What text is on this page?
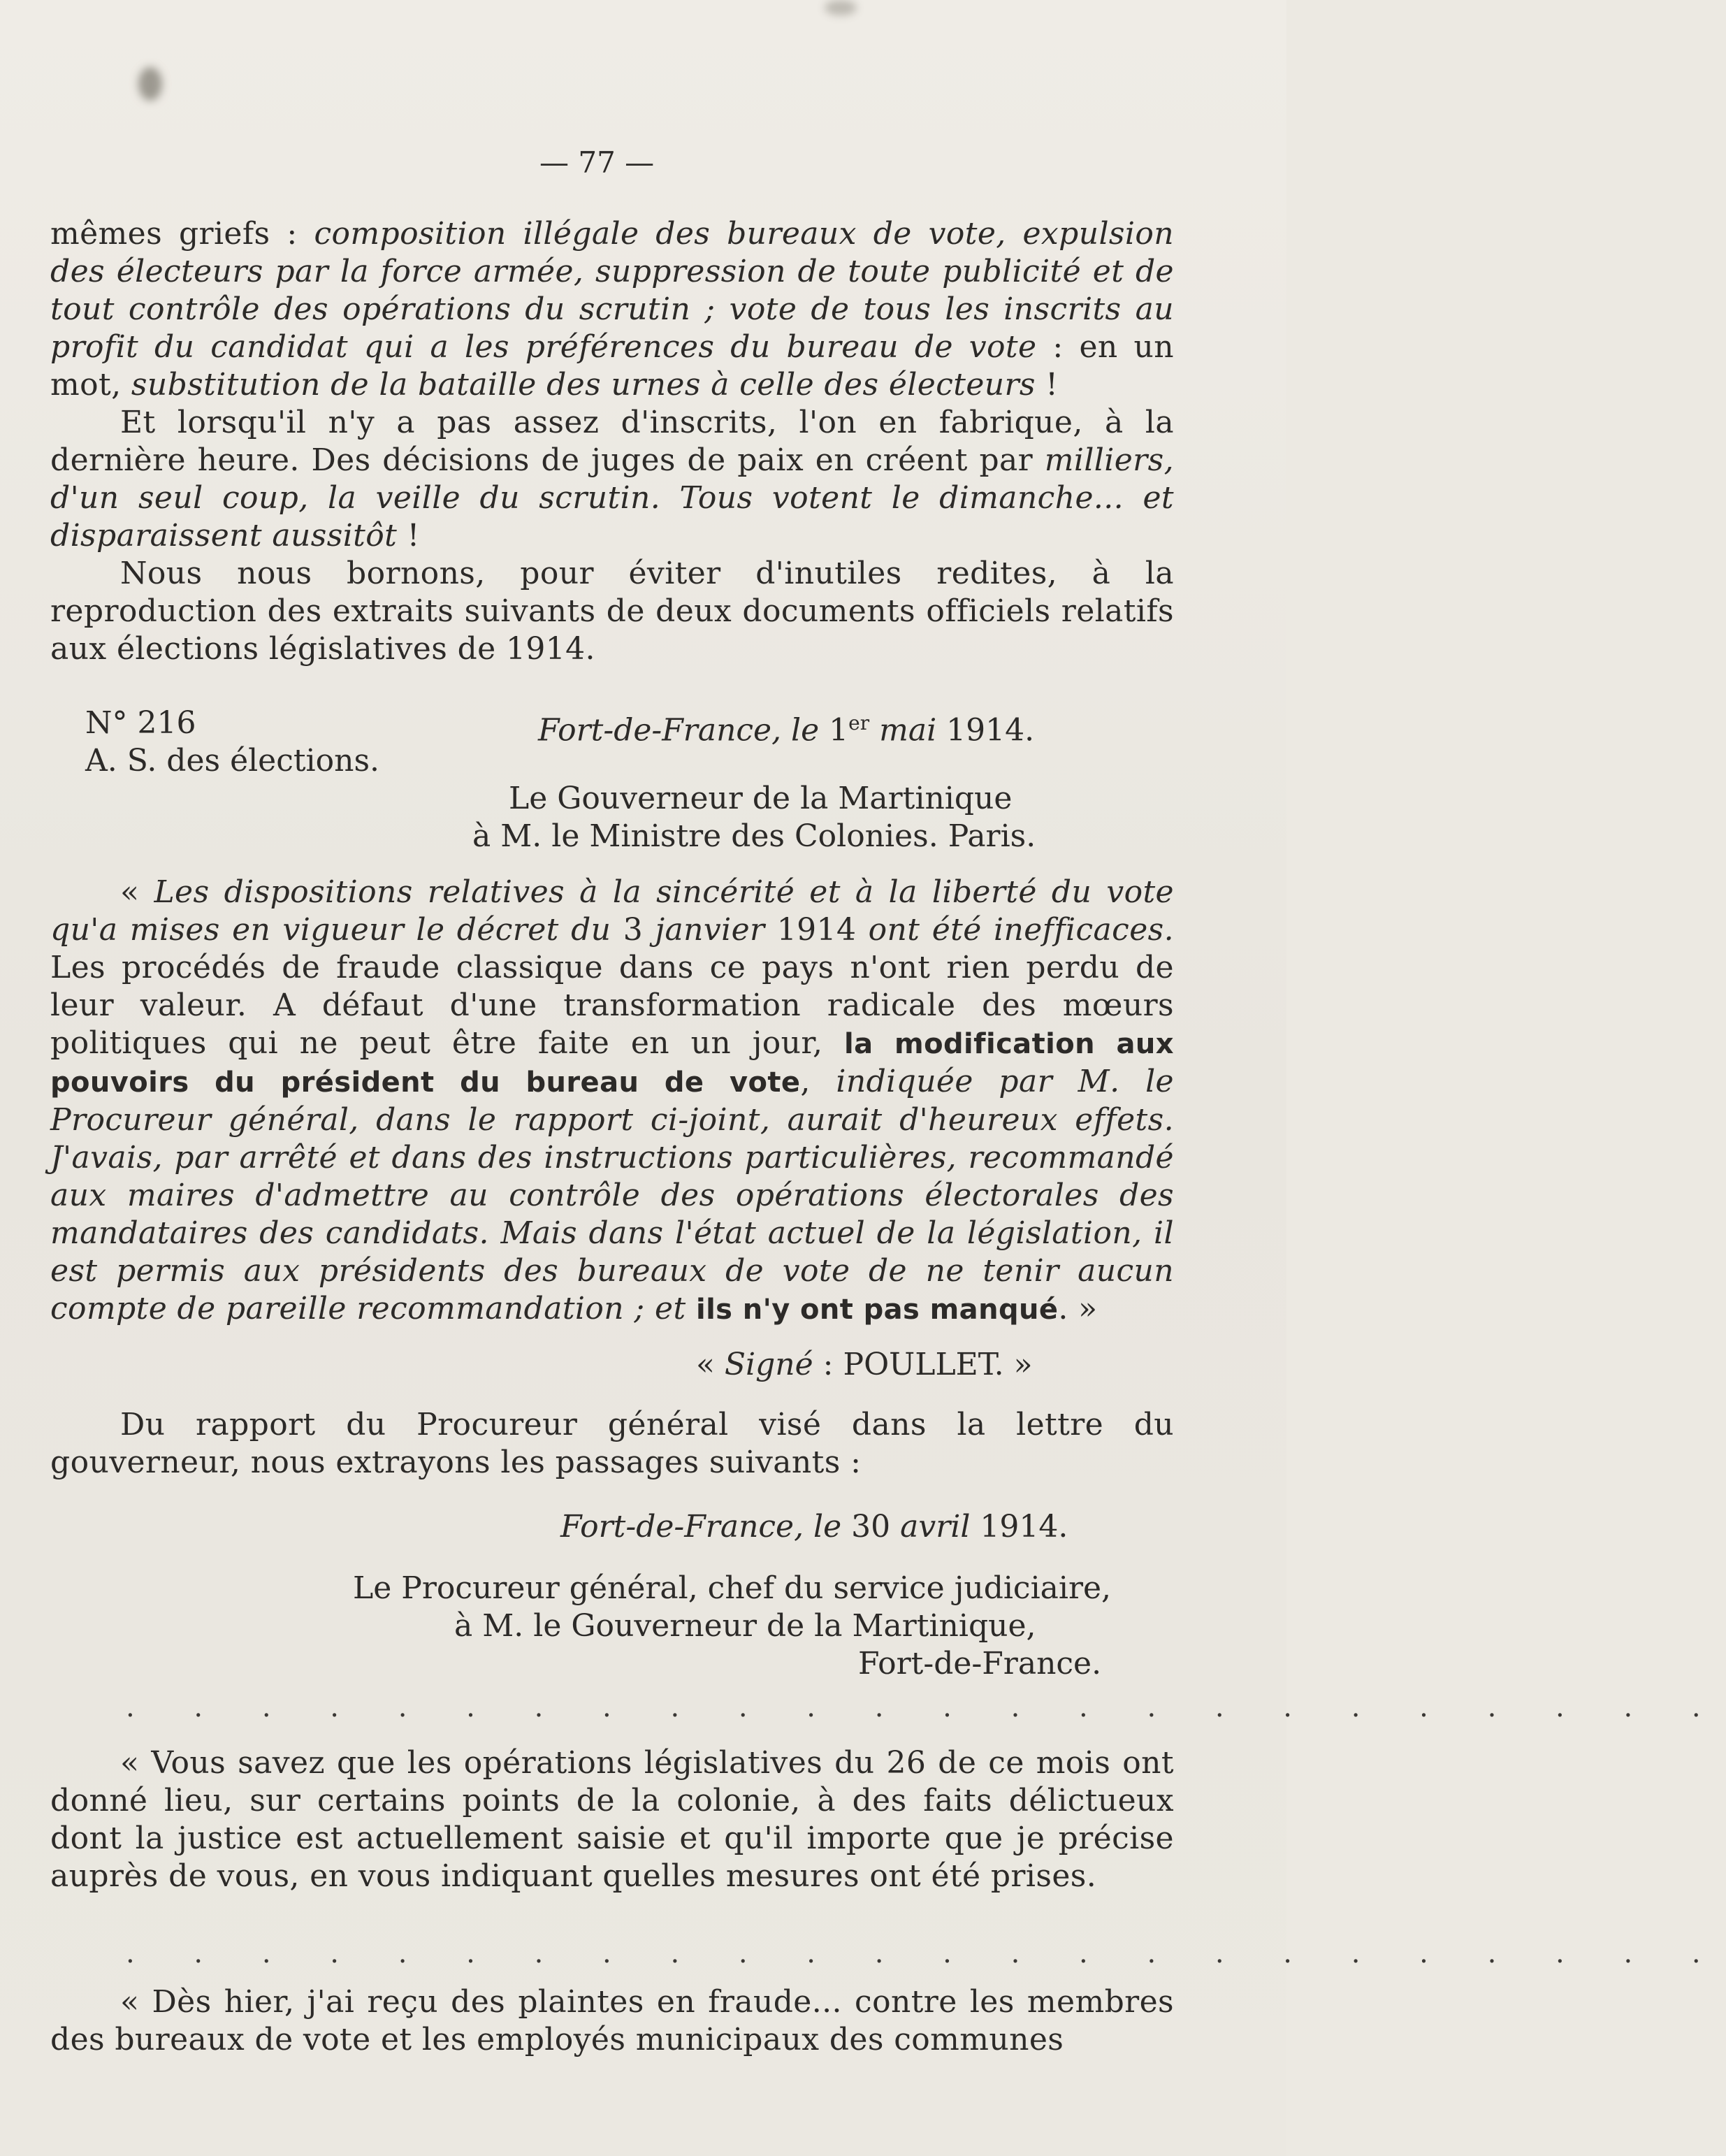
— 77 —
mêmes griefs : composition illégale des bureaux de vote, expulsion des électeurs par la force armée, suppression de toute publicité et de tout contrôle des opérations du scrutin ; vote de tous les inscrits au profit du candidat qui a les préférences du bureau de vote : en un mot, substitution de la bataille des urnes à celle des électeurs !
Et lorsqu'il n'y a pas assez d'inscrits, l'on en fabrique, à la dernière heure. Des décisions de juges de paix en créent par milliers, d'un seul coup, la veille du scrutin. Tous votent le dimanche... et disparaissent aussitôt !
Nous nous bornons, pour éviter d'inutiles redites, à la reproduction des extraits suivants de deux documents officiels relatifs aux élections législatives de 1914.
N° 216	Fort-de-France, le 1er mai 1914.
A. S. des élections.
Le Gouverneur de la Martinique
à M. le Ministre des Colonies. Paris.
« Les dispositions relatives à la sincérité et à la liberté du vote qu'a mises en vigueur le décret du 3 janvier 1914 ont été inefficaces. Les procédés de fraude classique dans ce pays n'ont rien perdu de leur valeur. A défaut d'une transformation radicale des mœurs politiques qui ne peut être faite en un jour, la modification aux pouvoirs du président du bureau de vote, indiquée par M. le Procureur général, dans le rapport ci-joint, aurait d'heureux effets. J'avais, par arrêté et dans des instructions particulières, recommandé aux maires d'admettre au contrôle des opérations électorales des mandataires des candidats. Mais dans l'état actuel de la législation, il est permis aux présidents des bureaux de vote de ne tenir aucun compte de pareille recommandation ; et ils n'y ont pas manqué. »
« Signé : POULLET. »
Du rapport du Procureur général visé dans la lettre du gouverneur, nous extrayons les passages suivants :
Fort-de-France, le 30 avril 1914.
Le Procureur général, chef du service judiciaire,
à M. le Gouverneur de la Martinique,
Fort-de-France.
. . . . . . . . . . . . . . . . . . . . . . . .
« Vous savez que les opérations législatives du 26 de ce mois ont donné lieu, sur certains points de la colonie, à des faits délictueux dont la justice est actuellement saisie et qu'il importe que je précise auprès de vous, en vous indiquant quelles mesures ont été prises.
. . . . . . . . . . . . . . . . . . . . . . . .
« Dès hier, j'ai reçu des plaintes en fraude... contre les membres des bureaux de vote et les employés municipaux des communes
